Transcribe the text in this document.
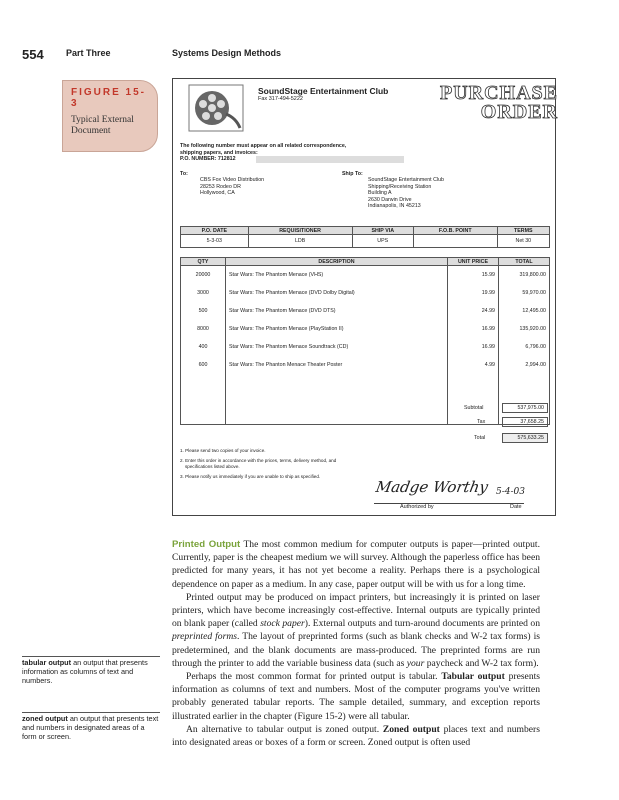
554 Part Three	Systems Design Methods
FIGURE 15-3
Typical External Document
SoundStage Entertainment Club
Fax 317-494-5222	PURCHASE
ORDER
The following number must appear on all related correspondence,
shipping papers, and invoices:
P.O. NUMBER: 712812
To:
CBS Fox Video Distribution
28253 Rodeo DR
Hollywood, CA
Ship To:
SoundStage Entertainment Club
Shipping/Receiving Station
Building A
2630 Darwin Drive
Indianapolis, IN 45213
P.O. DATE	REQUISITIONER	SHIP VIA	F.O.B. POINT	TERMS
5-3-03	LDB	UPS		Net 30
QTY	DESCRIPTION	UNIT PRICE	TOTAL
20000	Star Wars: The Phantom Menace (VHS)	15.99	319,800.00
3000	Star Wars: The Phantom Menace (DVD Dolby Digital)	19.99	59,970.00
500	Star Wars: The Phantom Menace (DVD DTS)	24.99	12,495.00
8000	Star Wars: The Phantom Menace (PlayStation II)	16.99	135,920.00
400	Star Wars: The Phantom Menace Soundtrack (CD)	16.99	6,796.00
600	Star Wars: The Phanton Menace Theater Poster	4.99	2,994.00

Subtotal	537,975.00
Tax	37,658.25
Total	575,633.25
1. Please send two copies of your invoice.
2. Enter this order in accordance with the prices, terms, delivery method, and
specifications listed above.
3. Please notify us immediately if you are unable to ship as specified.
Madge Worthy 5-4-03
Authorized by	Date

Printed Output The most common medium for computer outputs is paper—printed output. Currently, paper is the cheapest medium we will survey. Although the paperless office has been predicted for many years, it has not yet become a reality. Perhaps there is a psychological dependence on paper as a medium. In any case, paper output will be with us for a long time.

Printed output may be produced on impact printers, but increasingly it is printed on laser printers, which have become increasingly cost-effective. Internal outputs are typically printed on blank paper (called stock paper). External outputs and turn-around documents are printed on preprinted forms. The layout of preprinted forms (such as blank checks and W-2 tax forms) is predetermined, and the blank documents are mass-produced. The preprinted forms are run through the printer to add the variable business data (such as your paycheck and W-2 tax form).

Perhaps the most common format for printed output is tabular. Tabular output presents information as columns of text and numbers. Most of the computer programs you've written probably generated tabular reports. The sample detailed, summary, and exception reports illustrated earlier in the chapter (Figure 15-2) were all tabular.

An alternative to tabular output is zoned output. Zoned output places text and numbers into designated areas or boxes of a form or screen. Zoned output is often used

tabular output an output that presents information as columns of text and numbers.
zoned output an output that presents text and numbers in designated areas of a form or screen.
